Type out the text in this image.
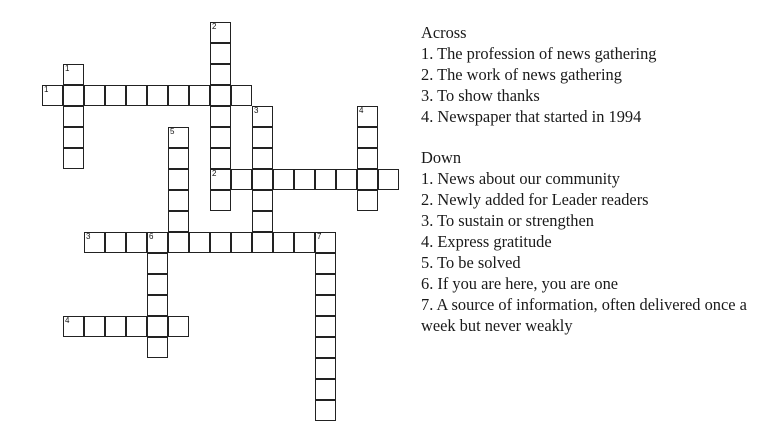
1
2
3	6	7
4
1
2
3	4
5
Across
1. The profession of news gathering
2. The work of news gathering
3. To show thanks
4. Newspaper that started in 1994
Down
1. News about our community
2. Newly added for Leader readers
3. To sustain or strengthen
4. Express gratitude
5. To be solved
6. If you are here, you are one
7. A source of information, often delivered once a week but never weakly
